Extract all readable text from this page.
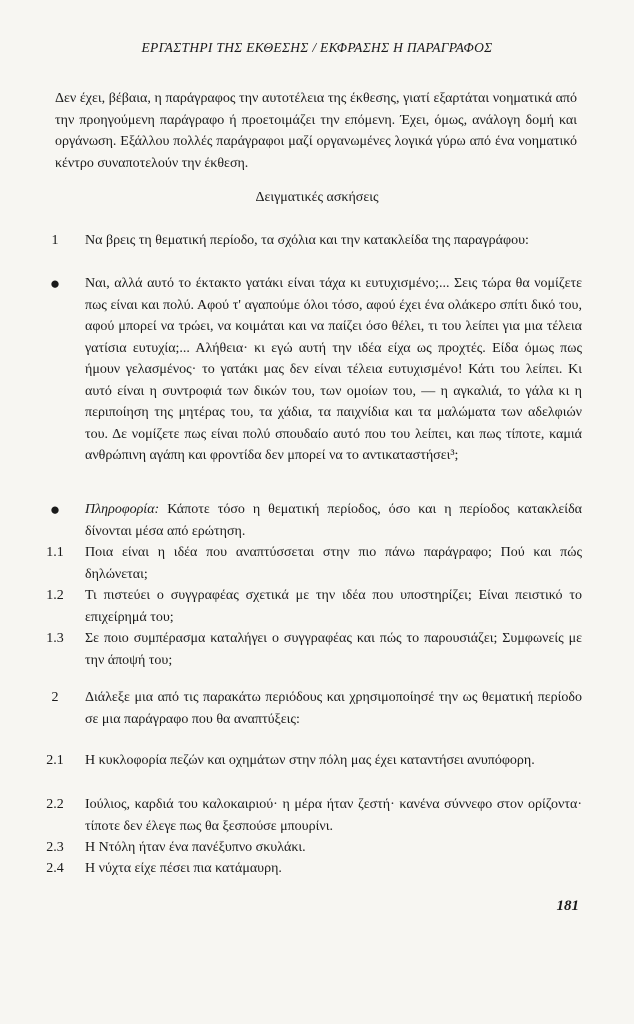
ΕΡΓΑΣΤΗΡΙ ΤΗΣ ΕΚΘΕΣΗΣ / ΕΚΦΡΑΣΗΣ Η ΠΑΡΑΓΡΑΦΟΣ
Δεν έχει, βέβαια, η παράγραφος την αυτοτέλεια της έκθεσης, γιατί εξαρτάται νοηματικά από την προηγούμενη παράγραφο ή προετοιμάζει την επόμενη. Έχει, όμως, ανάλογη δομή και οργάνωση. Εξάλλου πολλές παράγραφοι μαζί οργανωμένες λογικά γύρω από ένα νοηματικό κέντρο συναποτελούν την έκθεση.
Δειγματικές ασκήσεις
1	Να βρεις τη θεματική περίοδο, τα σχόλια και την κατακλείδα της παραγράφου:
●	Ναι, αλλά αυτό το έκτακτο γατάκι είναι τάχα κι ευτυχισμένο;... Σεις τώρα θα νομίζετε πως είναι και πολύ. Αφού τ' αγαπούμε όλοι τόσο, αφού έχει ένα ολάκερο σπίτι δικό του, αφού μπορεί να τρώει, να κοιμάται και να παίζει όσο θέλει, τι του λείπει για μια τέλεια γατίσια ευτυχία;... Αλήθεια· κι εγώ αυτή την ιδέα είχα ως προχτές. Είδα όμως πως ήμουν γελασμένος· το γατάκι μας δεν είναι τέλεια ευτυχισμένο! Κάτι του λείπει. Κι αυτό είναι η συντροφιά των δικών του, των ομοίων του, — η αγκαλιά, το γάλα κι η περιποίηση της μητέρας του, τα χάδια, τα παιχνίδια και τα μαλώματα των αδελφιών του. Δε νομίζετε πως είναι πολύ σπουδαίο αυτό που του λείπει, και πως τίποτε, καμιά ανθρώπινη αγάπη και φροντίδα δεν μπορεί να το αντικαταστήσει³;
●	Πληροφορία: Κάποτε τόσο η θεματική περίοδος, όσο και η περίοδος κατακλείδα δίνονται μέσα από ερώτηση.
1.1	Ποια είναι η ιδέα που αναπτύσσεται στην πιο πάνω παράγραφο; Πού και πώς δηλώνεται;
1.2	Τι πιστεύει ο συγγραφέας σχετικά με την ιδέα που υποστηρίζει; Είναι πειστικό το επιχείρημά του;
1.3	Σε ποιο συμπέρασμα καταλήγει ο συγγραφέας και πώς το παρουσιάζει; Συμφωνείς με την άποψή του;
2	Διάλεξε μια από τις παρακάτω περιόδους και χρησιμοποίησέ την ως θεματική περίοδο σε μια παράγραφο που θα αναπτύξεις:
2.1	Η κυκλοφορία πεζών και οχημάτων στην πόλη μας έχει καταντήσει ανυπόφορη.
2.2	Ιούλιος, καρδιά του καλοκαιριού· η μέρα ήταν ζεστή· κανένα σύννεφο στον ορίζοντα· τίποτε δεν έλεγε πως θα ξεσπούσε μπουρίνι.
2.3	Η Ντόλη ήταν ένα πανέξυπνο σκυλάκι.
2.4	Η νύχτα είχε πέσει πια κατάμαυρη.
181
